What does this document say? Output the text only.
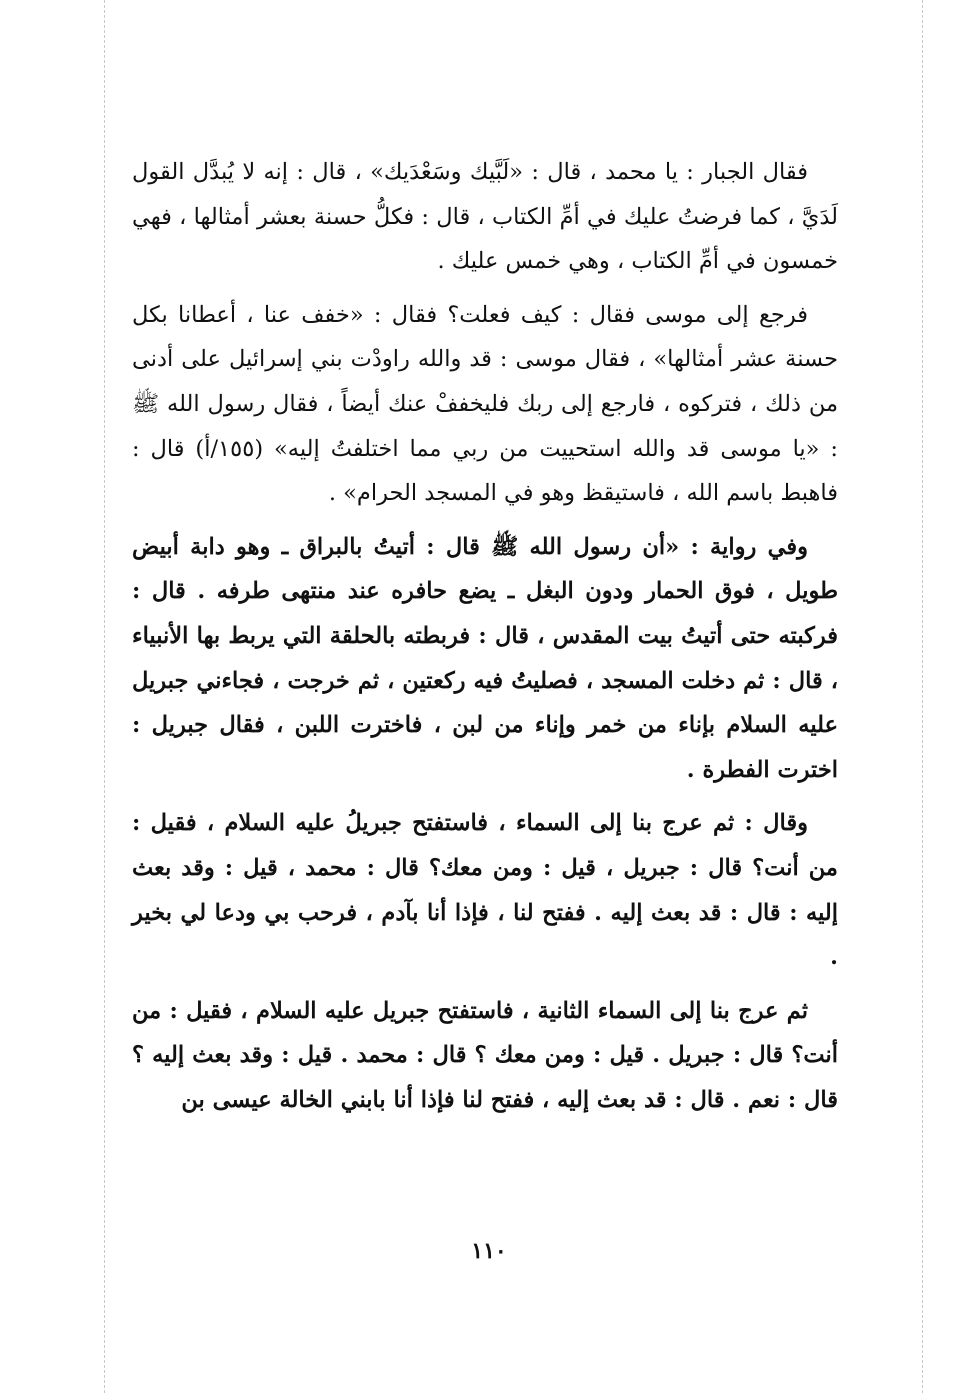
فقال الجبار : يا محمد ، قال : «لَبَّيك وسَعْدَيك» ، قال : إنه لا يُبدَّل القول لَدَيَّ ، كما فرضتُ عليك في أمِّ الكتاب ، قال : فكلُّ حسنة بعشر أمثالها ، فهي خمسون في أمِّ الكتاب ، وهي خمس عليك .

فرجع إلى موسى فقال : كيف فعلت؟ فقال : «خفف عنا ، أعطانا بكل حسنة عشر أمثالها» ، فقال موسى : قد والله راودْت بني إسرائيل على أدنى من ذلك ، فتركوه ، فارجع إلى ربك فليخففْ عنك أيضاً ، فقال رسول الله ﷺ : «يا موسى قد والله استحييت من ربي مما اختلفتُ إليه» (١٥٥/أ) قال : فاهبط باسم الله ، فاستيقظ وهو في المسجد الحرام» .

وفي رواية : «أن رسول الله ﷺ قال : أتيتُ بالبراق ـ وهو دابة أبيض طويل ، فوق الحمار ودون البغل ـ يضع حافره عند منتهى طرفه . قال : فركبته حتى أتيتُ بيت المقدس ، قال : فربطته بالحلقة التي يربط بها الأنبياء ، قال : ثم دخلت المسجد ، فصليتُ فيه ركعتين ، ثم خرجت ، فجاءني جبريل عليه السلام بإناء من خمر وإناء من لبن ، فاخترت اللبن ، فقال جبريل : اخترت الفطرة .

وقال : ثم عرج بنا إلى السماء ، فاستفتح جبريلُ عليه السلام ، فقيل : من أنت؟ قال : جبريل ، قيل : ومن معك؟ قال : محمد ، قيل : وقد بعث إليه : قال : قد بعث إليه . ففتح لنا ، فإذا أنا بآدم ، فرحب بي ودعا لي بخير .

ثم عرج بنا إلى السماء الثانية ، فاستفتح جبريل عليه السلام ، فقيل : من أنت؟ قال : جبريل . قيل : ومن معك ؟ قال : محمد . قيل : وقد بعث إليه ؟ قال : نعم . قال : قد بعث إليه ، ففتح لنا فإذا أنا بابني الخالة عيسى بن

١١٠
